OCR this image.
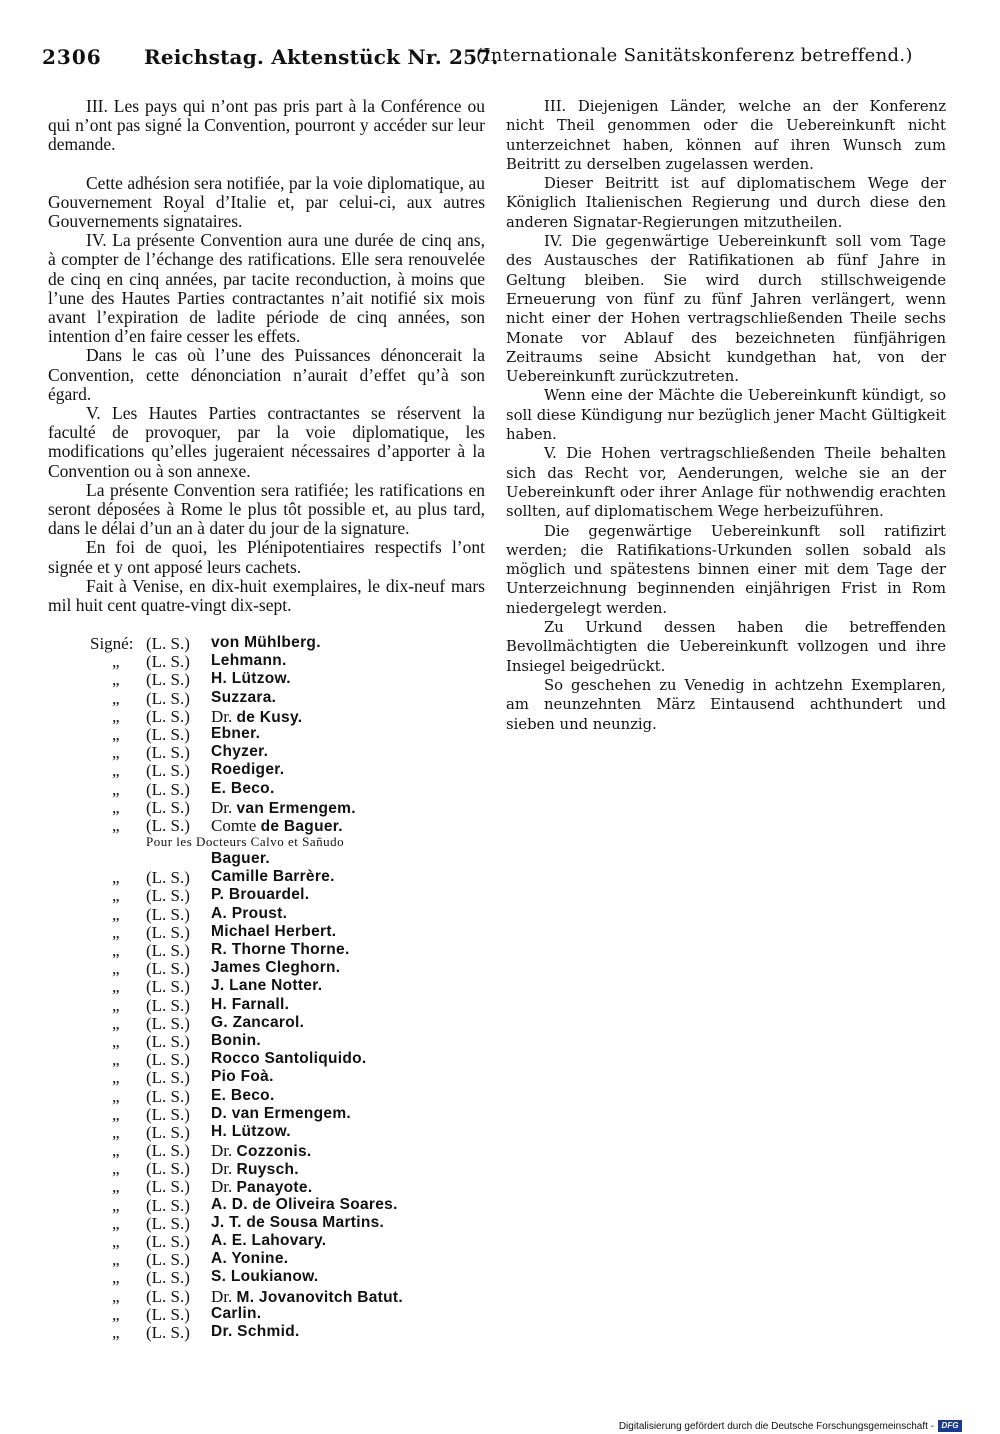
2306 Reichstag. Aktenstück Nr. 257.
(Internationale Sanitätskonferenz betreffend.)

III. Les pays qui n’ont pas pris part à la Conférence ou qui n’ont pas signé la Convention, pourront y accéder sur leur demande.

Cette adhésion sera notifiée, par la voie diplomatique, au Gouvernement Royal d’Italie et, par celui-ci, aux autres Gouvernements signataires.

IV. La présente Convention aura une durée de cinq ans, à compter de l’échange des ratifications. Elle sera renouvelée de cinq en cinq années, par tacite reconduction, à moins que l’une des Hautes Parties contractantes n’ait notifié six mois avant l’expiration de ladite période de cinq années, son intention d’en faire cesser les effets.

Dans le cas où l’une des Puissances dénoncerait la Convention, cette dénonciation n’aurait d’effet qu’à son égard.

V. Les Hautes Parties contractantes se réservent la faculté de provoquer, par la voie diplomatique, les modifications qu’elles jugeraient nécessaires d’apporter à la Convention ou à son annexe.

La présente Convention sera ratifiée; les ratifications en seront déposées à Rome le plus tôt possible et, au plus tard, dans le délai d’un an à dater du jour de la signature.

En foi de quoi, les Plénipotentiaires respectifs l’ont signée et y ont apposé leurs cachets.

Fait à Venise, en dix-huit exemplaires, le dix-neuf mars mil huit cent quatre-vingt dix-sept.

III. Diejenigen Länder, welche an der Konferenz nicht Theil genommen oder die Uebereinkunft nicht unterzeichnet haben, können auf ihren Wunsch zum Beitritt zu derselben zugelassen werden.

Dieser Beitritt ist auf diplomatischem Wege der Königlich Italienischen Regierung und durch diese den anderen Signatar-Regierungen mitzutheilen.

IV. Die gegenwärtige Uebereinkunft soll vom Tage des Austausches der Ratifikationen ab fünf Jahre in Geltung bleiben. Sie wird durch stillschweigende Erneuerung von fünf zu fünf Jahren verlängert, wenn nicht einer der Hohen vertragschließenden Theile sechs Monate vor Ablauf des bezeichneten fünfjährigen Zeitraums seine Absicht kundgethan hat, von der Uebereinkunft zurückzutreten.

Wenn eine der Mächte die Uebereinkunft kündigt, so soll diese Kündigung nur bezüglich jener Macht Gültigkeit haben.

V. Die Hohen vertragschließenden Theile behalten sich das Recht vor, Aenderungen, welche sie an der Uebereinkunft oder ihrer Anlage für nothwendig erachten sollten, auf diplomatischem Wege herbeizuführen.

Die gegenwärtige Uebereinkunft soll ratifizirt werden; die Ratifikations-Urkunden sollen sobald als möglich und spätestens binnen einer mit dem Tage der Unterzeichnung beginnenden einjährigen Frist in Rom niedergelegt werden.

Zu Urkund dessen haben die betreffenden Bevollmächtigten die Uebereinkunft vollzogen und ihre Insiegel beigedrückt.

So geschehen zu Venedig in achtzehn Exemplaren, am neunzehnten März Eintausend achthundert und sieben und neunzig.

Signé: (L. S.) von Mühlberg.
„ (L. S.) Lehmann.
„ (L. S.) H. Lützow.
„ (L. S.) Suzzara.
„ (L. S.) Dr. de Kusy.
„ (L. S.) Ebner.
„ (L. S.) Chyzer.
„ (L. S.) Roediger.
„ (L. S.) E. Beco.
„ (L. S.) Dr. van Ermengem.
„ (L. S.) Comte de Baguer.
Pour les Docteurs Calvo et Sañudo
Baguer.
„ (L. S.) Camille Barrère.
„ (L. S.) P. Brouardel.
„ (L. S.) A. Proust.
„ (L. S.) Michael Herbert.
„ (L. S.) R. Thorne Thorne.
„ (L. S.) James Cleghorn.
„ (L. S.) J. Lane Notter.
„ (L. S.) H. Farnall.
„ (L. S.) G. Zancarol.
„ (L. S.) Bonin.
„ (L. S.) Rocco Santoliquido.
„ (L. S.) Pio Foà.
„ (L. S.) E. Beco.
„ (L. S.) D. van Ermengem.
„ (L. S.) H. Lützow.
„ (L. S.) Dr. Cozzonis.
„ (L. S.) Dr. Ruysch.
„ (L. S.) Dr. Panayote.
„ (L. S.) A. D. de Oliveira Soares.
„ (L. S.) J. T. de Sousa Martins.
„ (L. S.) A. E. Lahovary.
„ (L. S.) A. Yonine.
„ (L. S.) S. Loukianow.
„ (L. S.) Dr. M. Jovanovitch Batut.
„ (L. S.) Carlin.
„ (L. S.) Dr. Schmid.
Digitalisierung gefördert durch die Deutsche Forschungsgemeinschaft - DFG
